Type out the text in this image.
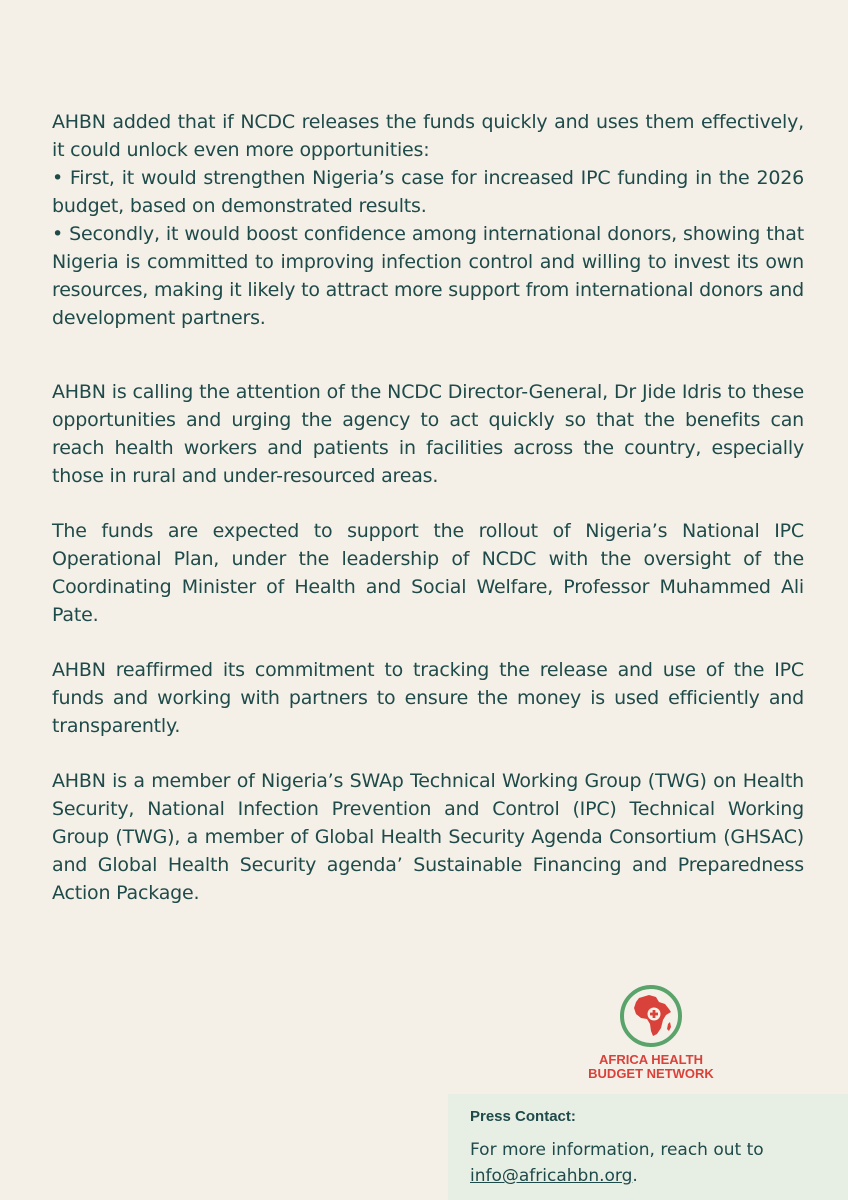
AHBN added that if NCDC releases the funds quickly and uses them effectively, it could unlock even more opportunities:

• First, it would strengthen Nigeria’s case for increased IPC funding in the 2026 budget, based on demonstrated results.

• Secondly, it would boost confidence among international donors, showing that Nigeria is committed to improving infection control and willing to invest its own resources, making it likely to attract more support from international donors and development partners.

AHBN is calling the attention of the NCDC Director-General, Dr Jide Idris to these opportunities and urging the agency to act quickly so that the benefits can reach health workers and patients in facilities across the country, especially those in rural and under-resourced areas.

The funds are expected to support the rollout of Nigeria’s National IPC Operational Plan, under the leadership of NCDC with the oversight of the Coordinating Minister of Health and Social Welfare, Professor Muhammed Ali Pate.

AHBN reaffirmed its commitment to tracking the release and use of the IPC funds and working with partners to ensure the money is used efficiently and transparently.

AHBN is a member of Nigeria’s SWAp Technical Working Group (TWG) on Health Security, National Infection Prevention and Control (IPC) Technical Working Group (TWG), a member of Global Health Security Agenda Consortium (GHSAC) and Global Health Security agenda’ Sustainable Financing and Preparedness Action Package.

AFRICA HEALTH
BUDGET NETWORK
Press Contact:
For more information, reach out to
info@africahbn.org.
